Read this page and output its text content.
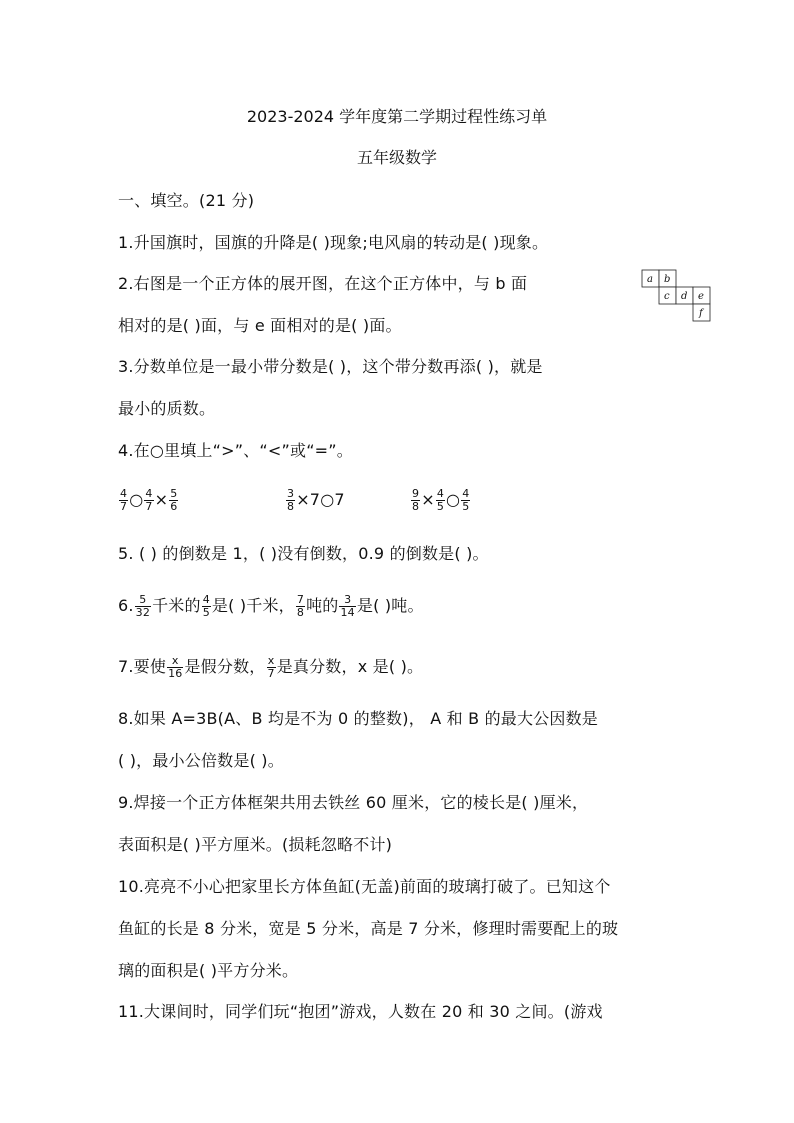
2023-2024 学年度第二学期过程性练习单
五年级数学
一、填空。(21 分)
1.升国旗时，国旗的升降是( )现象;电风扇的转动是( )现象。
2.右图是一个正方体的展开图，在这个正方体中，与 b 面
相对的是( )面，与 e 面相对的是( )面。
a b
c d e
f
3.分数单位是一最小带分数是( )，这个带分数再添( )，就是
最小的质数。
4.在○里填上“>”、“<”或“=”。
$\frac{4}{7}$ ○ $\frac{4}{7} \times \frac{5}{6}$	$\frac{3}{8}$ ×7○7	$\frac{9}{8} \times \frac{4}{5}$ ○ $\frac{4}{5}$
5. ( ) 的倒数是 1，( )没有倒数，0.9 的倒数是( )。
6. $\frac{5}{32}$ 千米的 $\frac{4}{5}$ 是( )千米， $\frac{7}{8}$ 吨的 $\frac{3}{14}$ 是( )吨。
7.要使 $\frac{x}{16}$ 是假分数， $\frac{x}{7}$ 是真分数，x 是( )。
8.如果 A=3B(A、B 均是不为 0 的整数)， A 和 B 的最大公因数是
( )，最小公倍数是( )。
9.焊接一个正方体框架共用去铁丝 60 厘米，它的棱长是( )厘米，
表面积是( )平方厘米。(损耗忽略不计)
10.亮亮不小心把家里长方体鱼缸(无盖)前面的玻璃打破了。已知这个
鱼缸的长是 8 分米，宽是 5 分米，高是 7 分米，修理时需要配上的玻
璃的面积是( )平方分米。
11.大课间时，同学们玩“抱团”游戏，人数在 20 和 30 之间。(游戏
